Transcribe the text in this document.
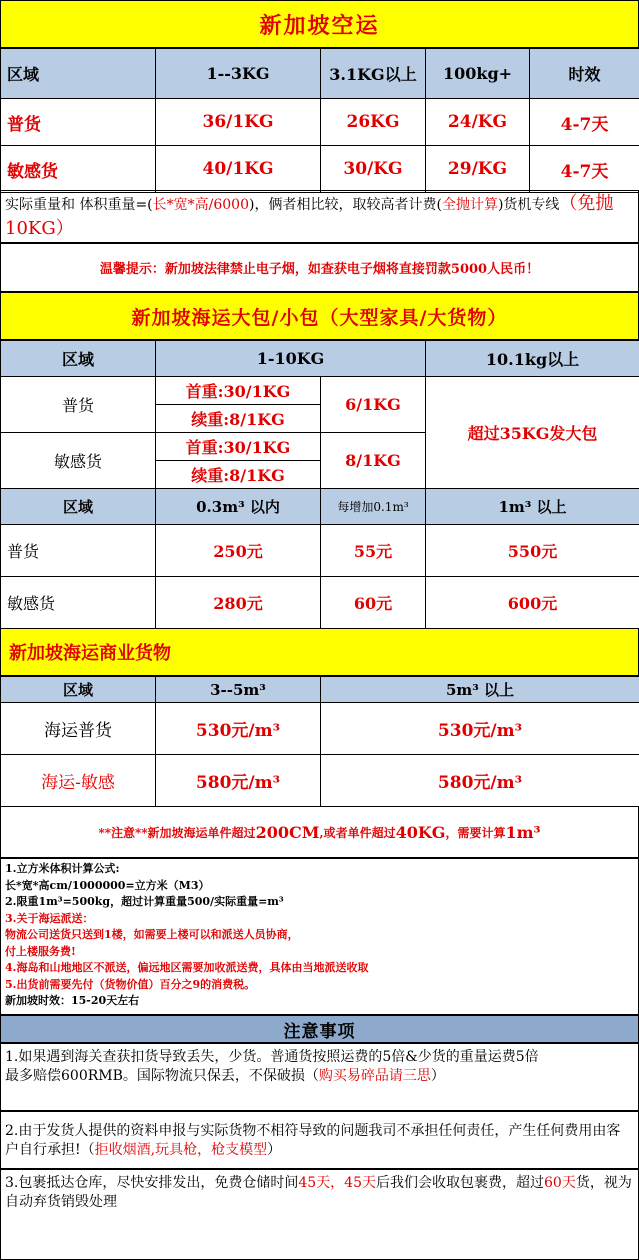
新加坡空运
区域	1--3KG	3.1KG以上	100kg+	时效
普货	36/1KG	26KG	24/KG	4-7天
敏感货	40/1KG	30/KG	29/KG	4-7天
实际重量和 体积重量=(长*宽*高/6000)，俩者相比较，取较高者计费(全抛计算)货机专线（免抛10KG）
温馨提示：新加坡法律禁止电子烟，如查获电子烟将直接罚款5000人民币！
新加坡海运大包/小包（大型家具/大货物）
区域	1-10KG		10.1kg以上
普货	首重:30/1KG	6/1KG	超过35KG发大包
	续重:8/1KG		
敏感货	首重:30/1KG	8/1KG	
	续重:8/1KG		
区域	0.3m³ 以内	每增加0.1m³	1m³ 以上
普货	250元	55元	550元
敏感货	280元	60元	600元
新加坡海运商业货物
区域	3--5m³	5m³ 以上
海运普货	530元/m³	530元/m³
海运-敏感	580元/m³	580元/m³
**注意**新加坡海运单件超过 200CM ,或者单件超过 40KG ，需要计算 1m³
1.立方米体积计算公式:
长*宽*高cm/1000000=立方米（M3）
2.限重1m³=500kg，超过计算重量500/实际重量=m³
3.关于海运派送：
物流公司送货只送到1楼，如需要上楼可以和派送人员协商，
付上楼服务费!
4.海岛和山地地区不派送，偏远地区需要加收派送费，具体由当地派送收取
5.出货前需要先付（货物价值）百分之9的消费税。
新加坡时效：15-20天左右
注意事项
1.如果遇到海关查获扣货导致丢失，少货。普通货按照运费的5倍&少货的重量运费5倍
最多赔偿600RMB。国际物流只保丢，不保破损（购买易碎品请三思）
2.由于发货人提供的资料申报与实际货物不相符导致的问题我司不承担任何责任，产生任何费用由客户自行承担!（拒收烟酒,玩具枪，枪支模型）
3.包裹抵达仓库，尽快安排发出，免费仓储时间45天，45天后我们会收取包裹费，超过60天货，视为自动弃货销毁处理
